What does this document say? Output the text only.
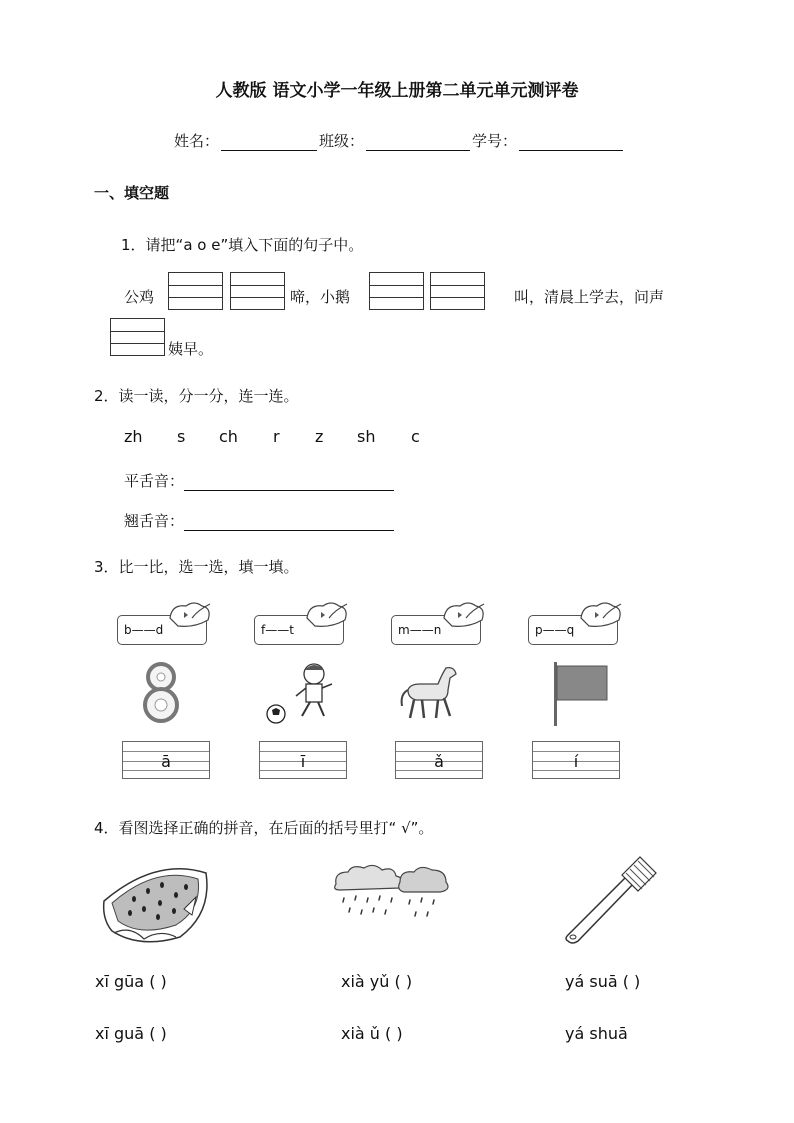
人教版 语文小学一年级上册第二单元单元测评卷
姓名：	班级：	学号：
一、填空题
1．请把“a o e”填入下面的句子中。
公鸡	啼，小鹅	叫，清晨上学去，问声
姨早。
2．读一读，分一分，连一连。
zh s ch r z sh c
平舌音：
翘舌音：
3．比一比，选一选，填一填。
b——d
ā
f——t
ī
m——n
ǎ
p——q
í
4．看图选择正确的拼音，在后面的括号里打“ √”。
xī gūa ( )
xī guā ( )
xià yǔ ( )
xià ǔ ( )
yá suā ( )
yá shuā
